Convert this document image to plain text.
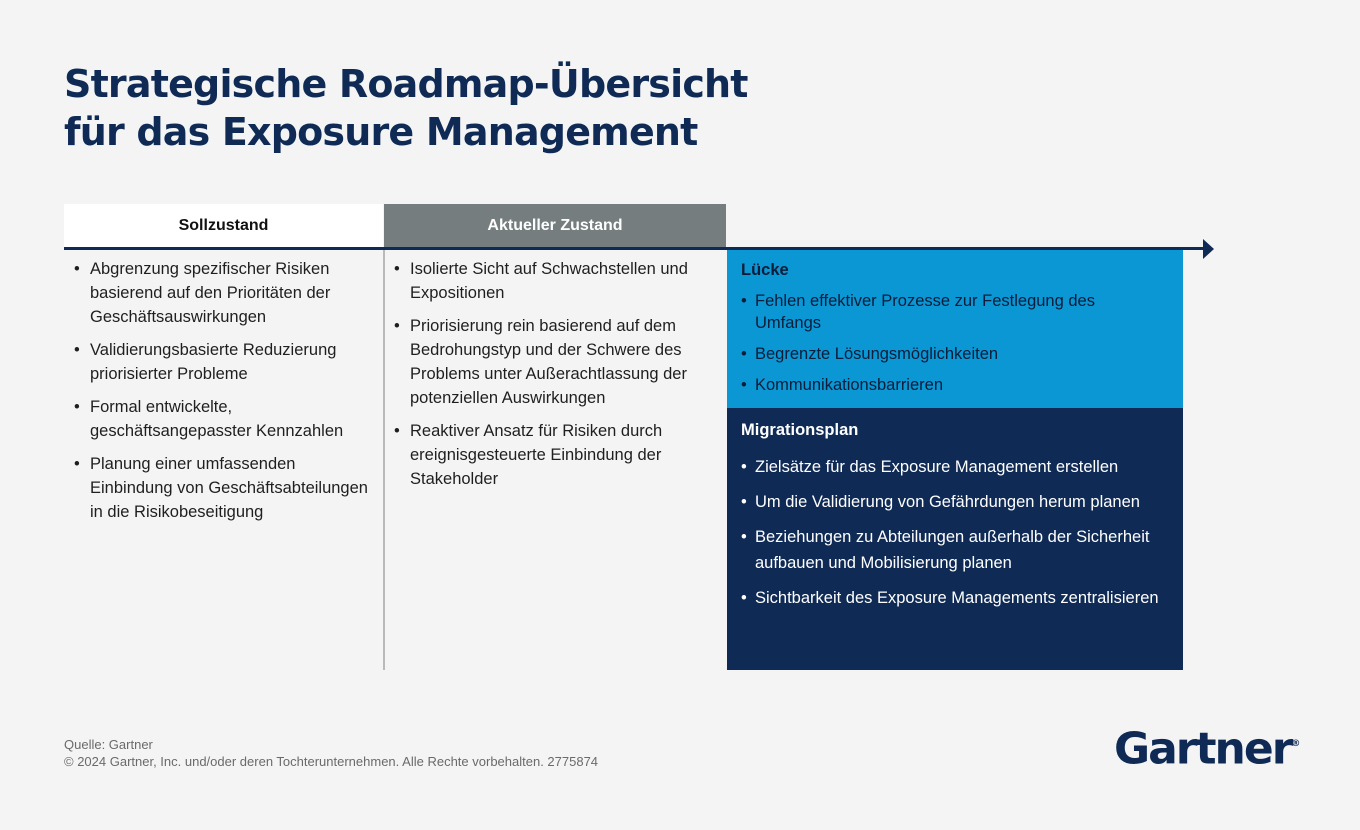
Strategische Roadmap-Übersicht
für das Exposure Management
Sollzustand	Aktueller Zustand
• Abgrenzung spezifischer Risiken basierend auf den Prioritäten der Geschäftsauswirkungen
• Validierungsbasierte Reduzierung priorisierter Probleme
• Formal entwickelte, geschäftsangepasster Kennzahlen
• Planung einer umfassenden Einbindung von Geschäftsabteilungen in die Risikobeseitigung
• Isolierte Sicht auf Schwachstellen und Expositionen
• Priorisierung rein basierend auf dem Bedrohungstyp und der Schwere des Problems unter Außerachtlassung der potenziellen Auswirkungen
• Reaktiver Ansatz für Risiken durch ereignisgesteuerte Einbindung der Stakeholder
Lücke
• Fehlen effektiver Prozesse zur Festlegung des Umfangs
• Begrenzte Lösungsmöglichkeiten
• Kommunikationsbarrieren
Migrationsplan
• Zielsätze für das Exposure Management erstellen
• Um die Validierung von Gefährdungen herum planen
• Beziehungen zu Abteilungen außerhalb der Sicherheit aufbauen und Mobilisierung planen
• Sichtbarkeit des Exposure Managements zentralisieren
Quelle: Gartner
© 2024 Gartner, Inc. und/oder deren Tochterunternehmen. Alle Rechte vorbehalten. 2775874	Gartner®
